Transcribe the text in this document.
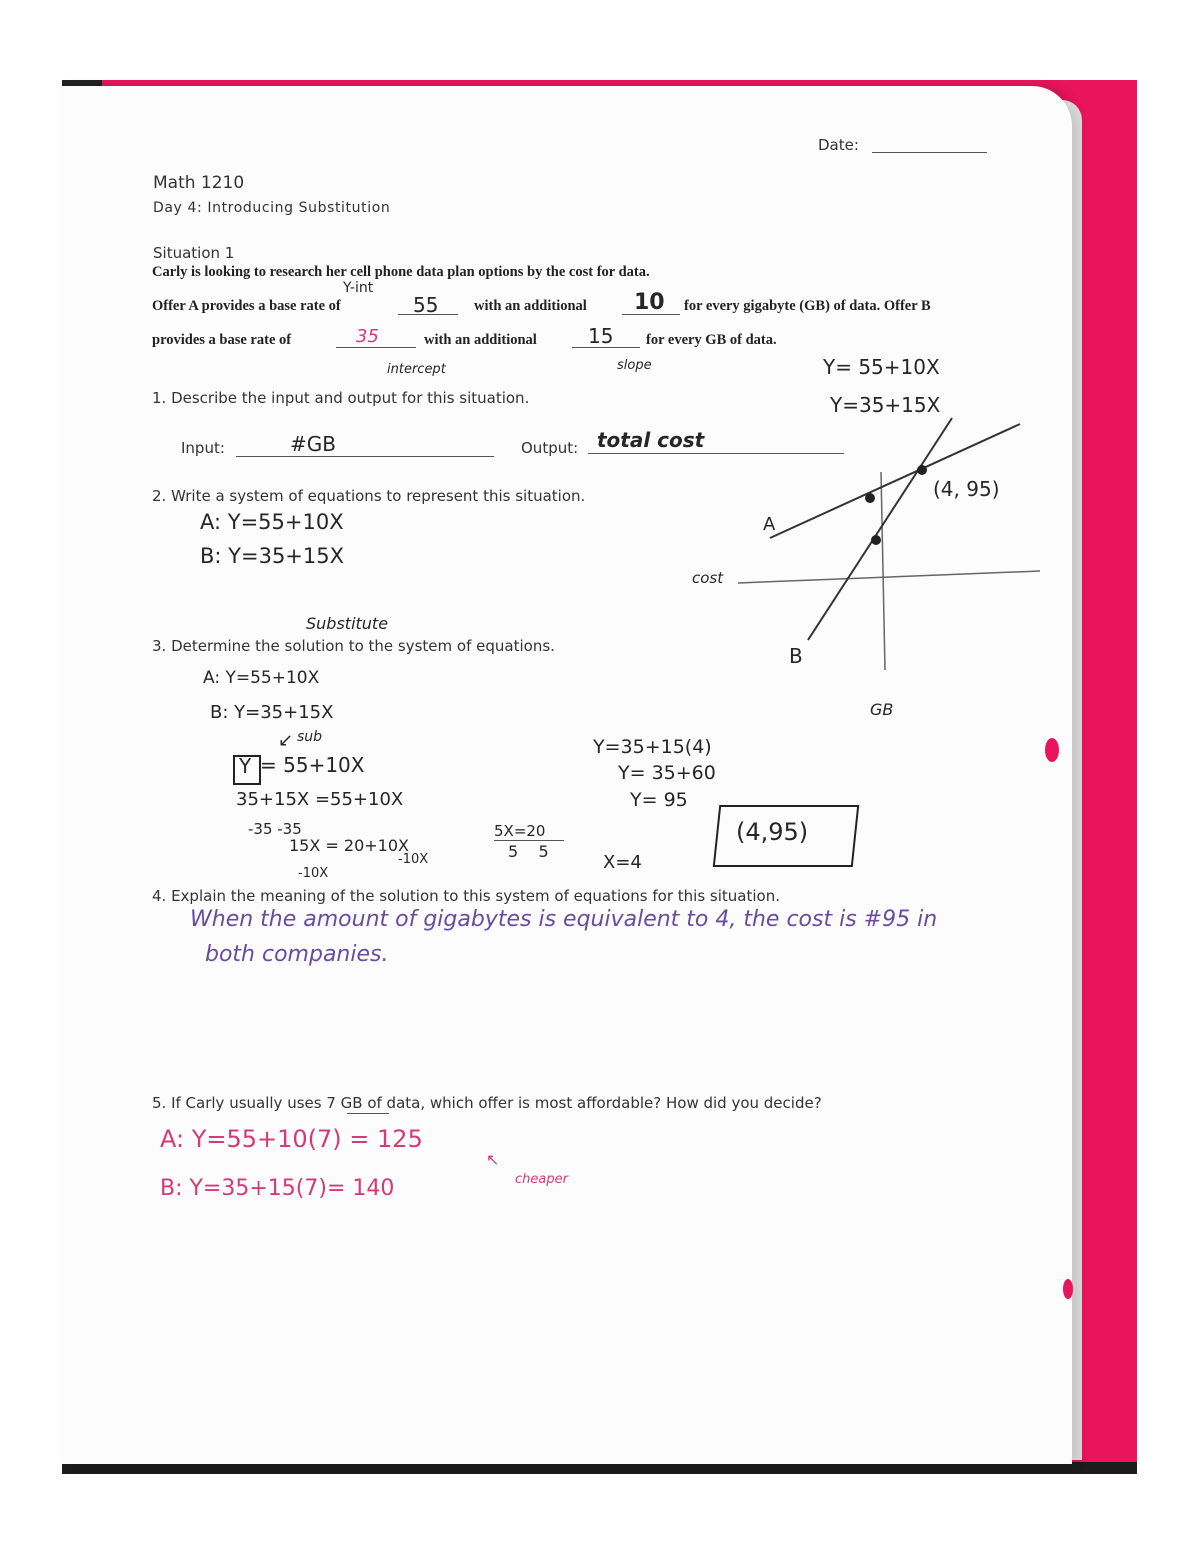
Date:
Math 1210
Day 4: Introducing Substitution
Situation 1
Carly is looking to research her cell phone data plan options by the cost for data.
Y-int
Offer A provides a base rate of	55 with an additional 10 for every gigabyte (GB) of data. Offer B
provides a base rate of	35	with an additional	15 for every GB of data.
intercept	slope	Y= 55+10X
Y=35+15X
1. Describe the input and output for this situation.
Input:	#GB	Output: total cost
2. Write a system of equations to represent this situation.
A: Y=55+10X
B: Y=35+15X
A
B
cost
GB
(4, 95)
Substitute
3. Determine the solution to the system of equations.
A: Y=55+10X
B: Y=35+15X
sub
↙
Y = 55+10X
35+15X =55+10X
-35 -35
15X = 20+10X
-10X
-10X
5X=20
5    5
X=4
Y=35+15(4)
Y= 35+60
Y= 95
(4,95)
4. Explain the meaning of the solution to this system of equations for this situation.
When the amount of gigabytes is equivalent to 4, the cost is #95 in
both companies.
5. If Carly usually uses 7 GB of data, which offer is most affordable? How did you decide?
A: Y=55+10(7) = 125
B: Y=35+15(7)= 140
↖
cheaper
